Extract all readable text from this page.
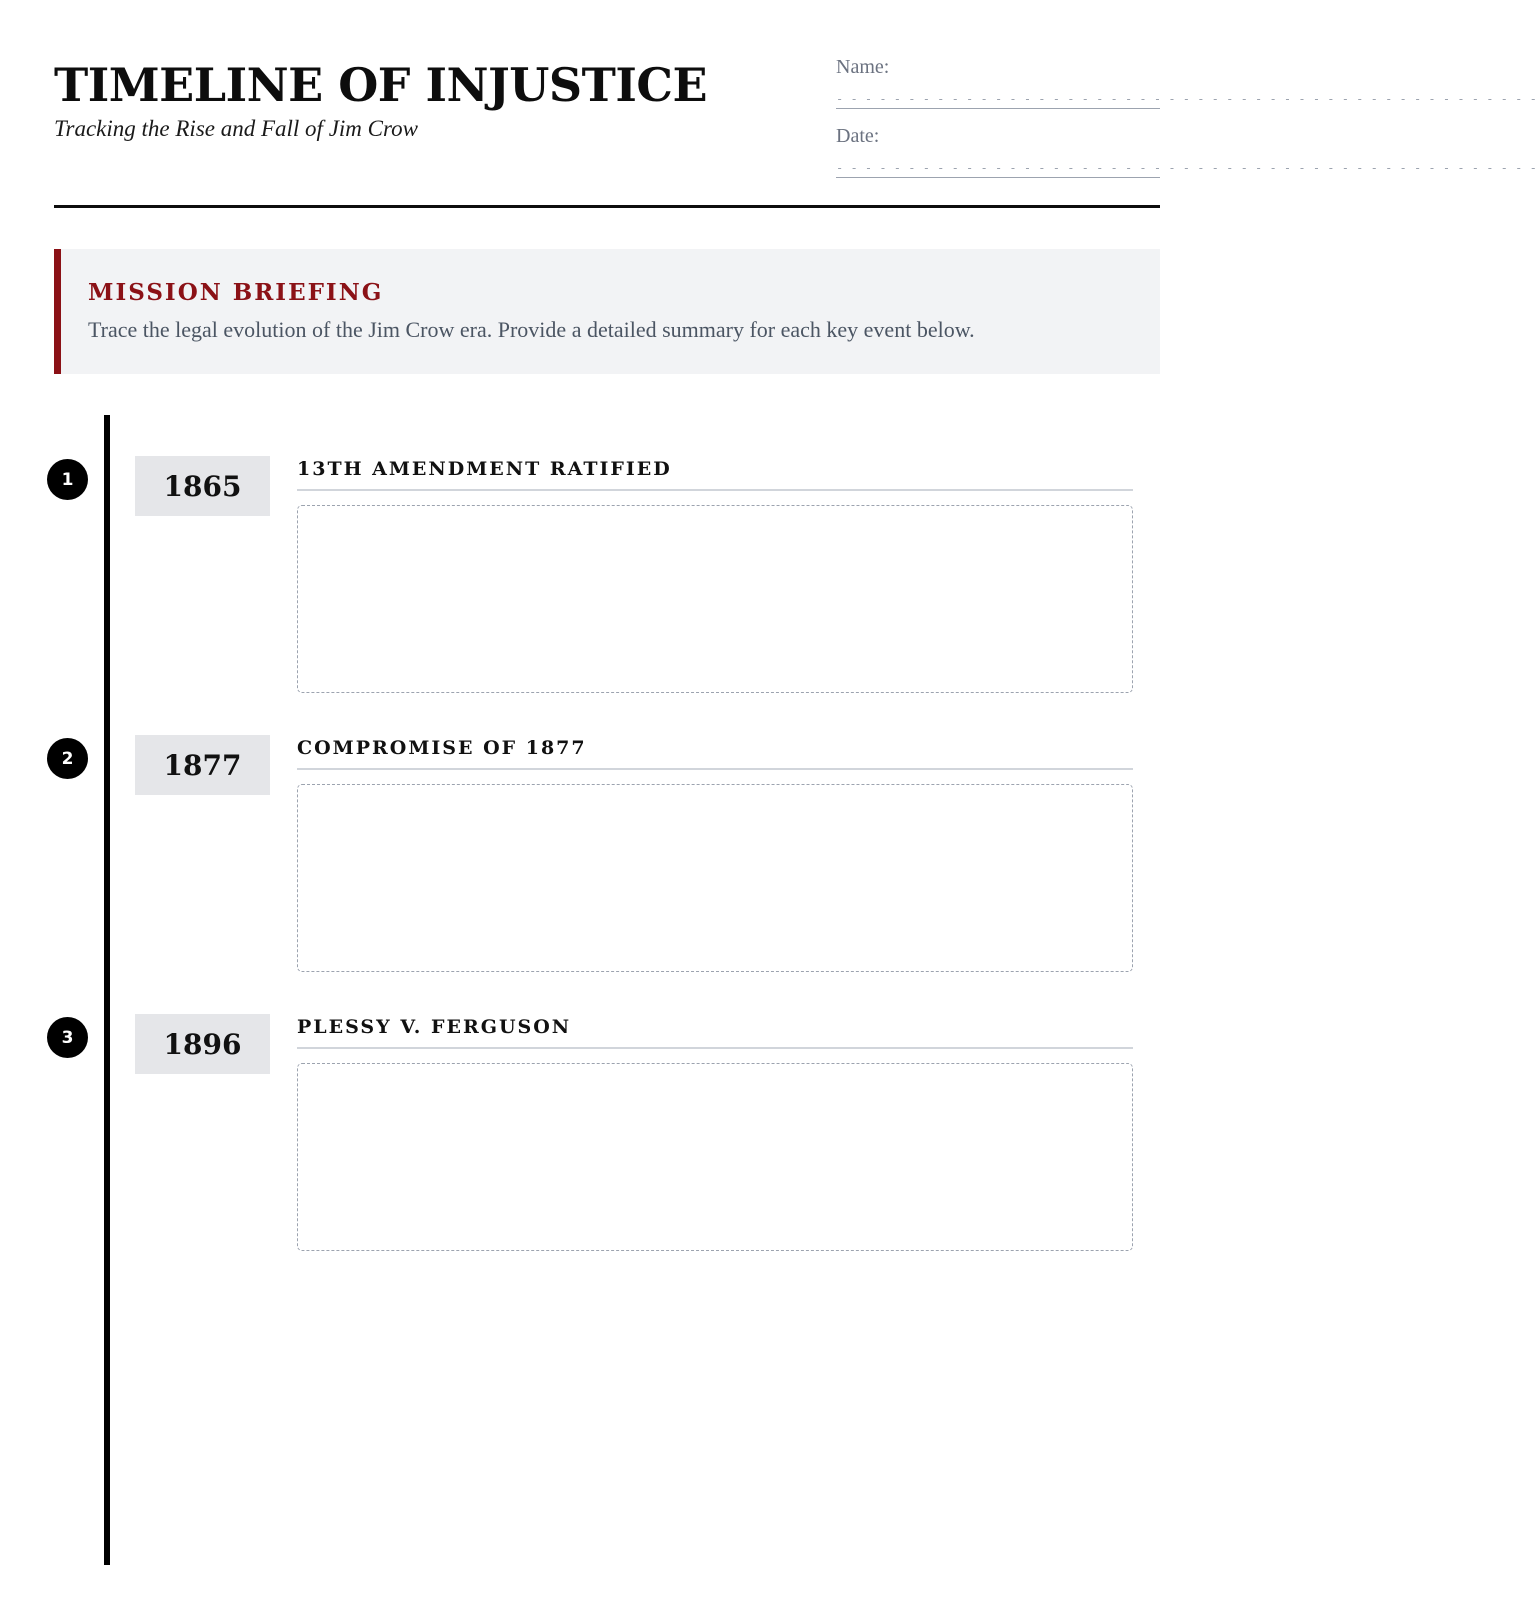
TIMELINE OF INJUSTICE
Tracking the Rise and Fall of Jim Crow
Name:
- - - - - - - - - - - - - - - - - - - - - - - - - - - - - - - - - - - - - - - - - - - - - - - - -
Date:
- - - - - - - - - - - - - - - - - - - - - - - - - - - - - - - - - - - - - - - - - - - - - - - - -
MISSION BRIEFING
Trace the legal evolution of the Jim Crow era. Provide a detailed summary for each key event below.
1	1865
13TH AMENDMENT RATIFIED
2	1877
COMPROMISE OF 1877
3	1896
PLESSY V. FERGUSON
